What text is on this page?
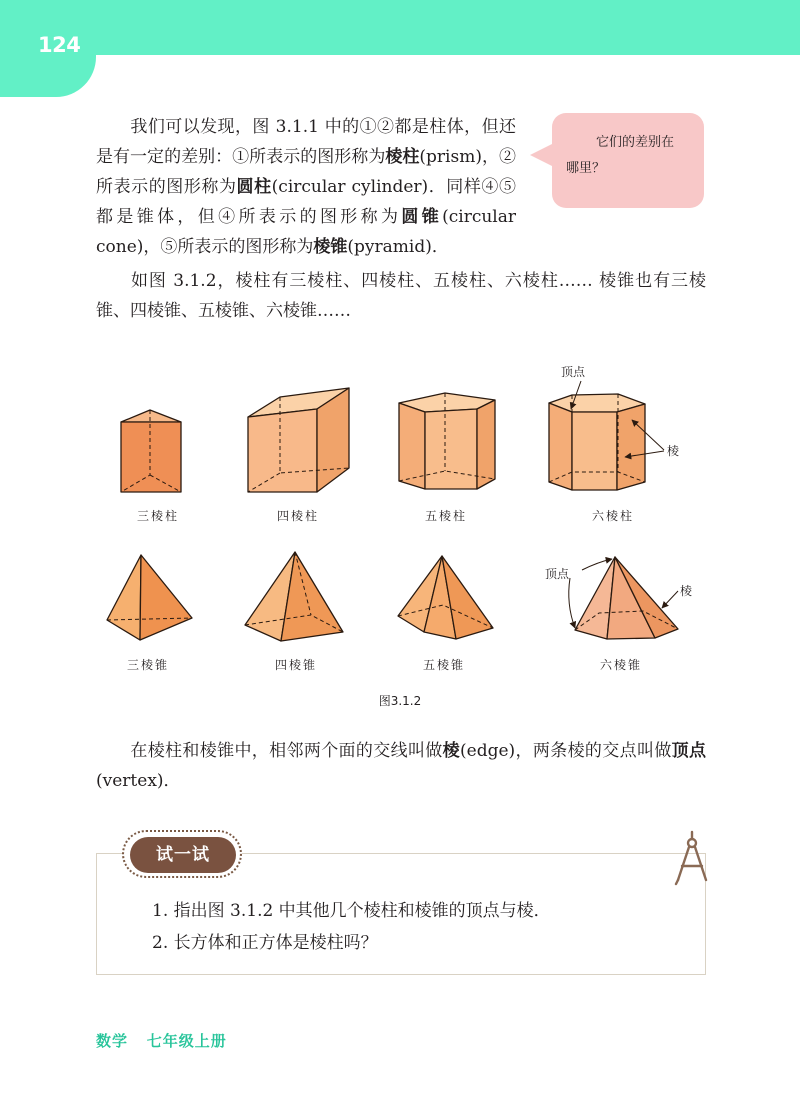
124

我们可以发现，图 3.1.1 中的①②都是柱体，但还是有一定的差别：①所表示的图形称为棱柱(prism)，②所表示的图形称为圆柱(circular cylinder)．同样④⑤都是锥体，但④所表示的图形称为圆锥(circular cone)，⑤所表示的图形称为棱锥(pyramid)．

它们的差别在
哪里？

如图 3.1.2，棱柱有三棱柱、四棱柱、五棱柱、六棱柱…… 棱锥也有三棱锥、四棱锥、五棱锥、六棱锥……

顶点
棱
顶点
棱
三棱柱	四棱柱	五棱柱	六棱柱
三棱锥	四棱锥	五棱锥	六棱锥
图3.1.2

在棱柱和棱锥中，相邻两个面的交线叫做棱(edge)，两条棱的交点叫做顶点(vertex)．

试一试

1. 指出图 3.1.2 中其他几个棱柱和棱锥的顶点与棱．

2. 长方体和正方体是棱柱吗？

数学 七年级上册
